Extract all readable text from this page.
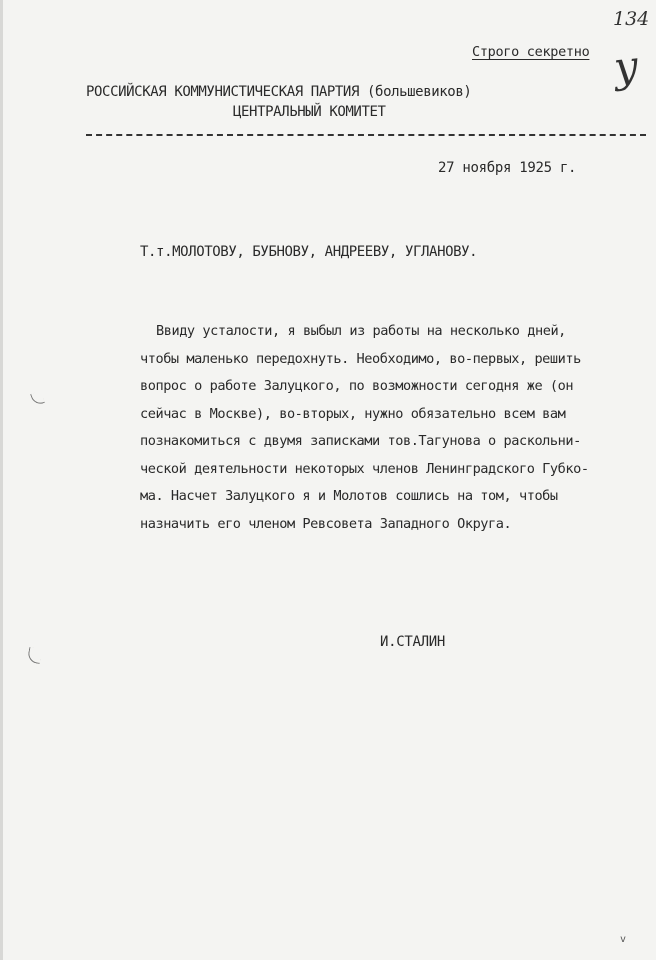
134
у
Строго секретно
РОССИЙСКАЯ КОММУНИСТИЧЕСКАЯ ПАРТИЯ (большевиков)
ЦЕНТРАЛЬНЫЙ КОМИТЕТ
27 ноября 1925 г.
Т.т.МОЛОТОВУ, БУБНОВУ, АНДРЕЕВУ, УГЛАНОВУ.
Ввиду усталости, я выбыл из работы на несколько дней,
чтобы маленько передохнуть. Необходимо, во-первых, решить
вопрос о работе Залуцкого, по возможности сегодня же (он
сейчас в Москве), во-вторых, нужно обязательно всем вам
познакомиться с двумя записками тов.Тагунова о раскольни-
ческой деятельности некоторых членов Ленинградского Губко-
ма. Насчет Залуцкого я и Молотов сошлись на том, чтобы
назначить его членом Ревсовета Западного Округа.
И.СТАЛИН
v
